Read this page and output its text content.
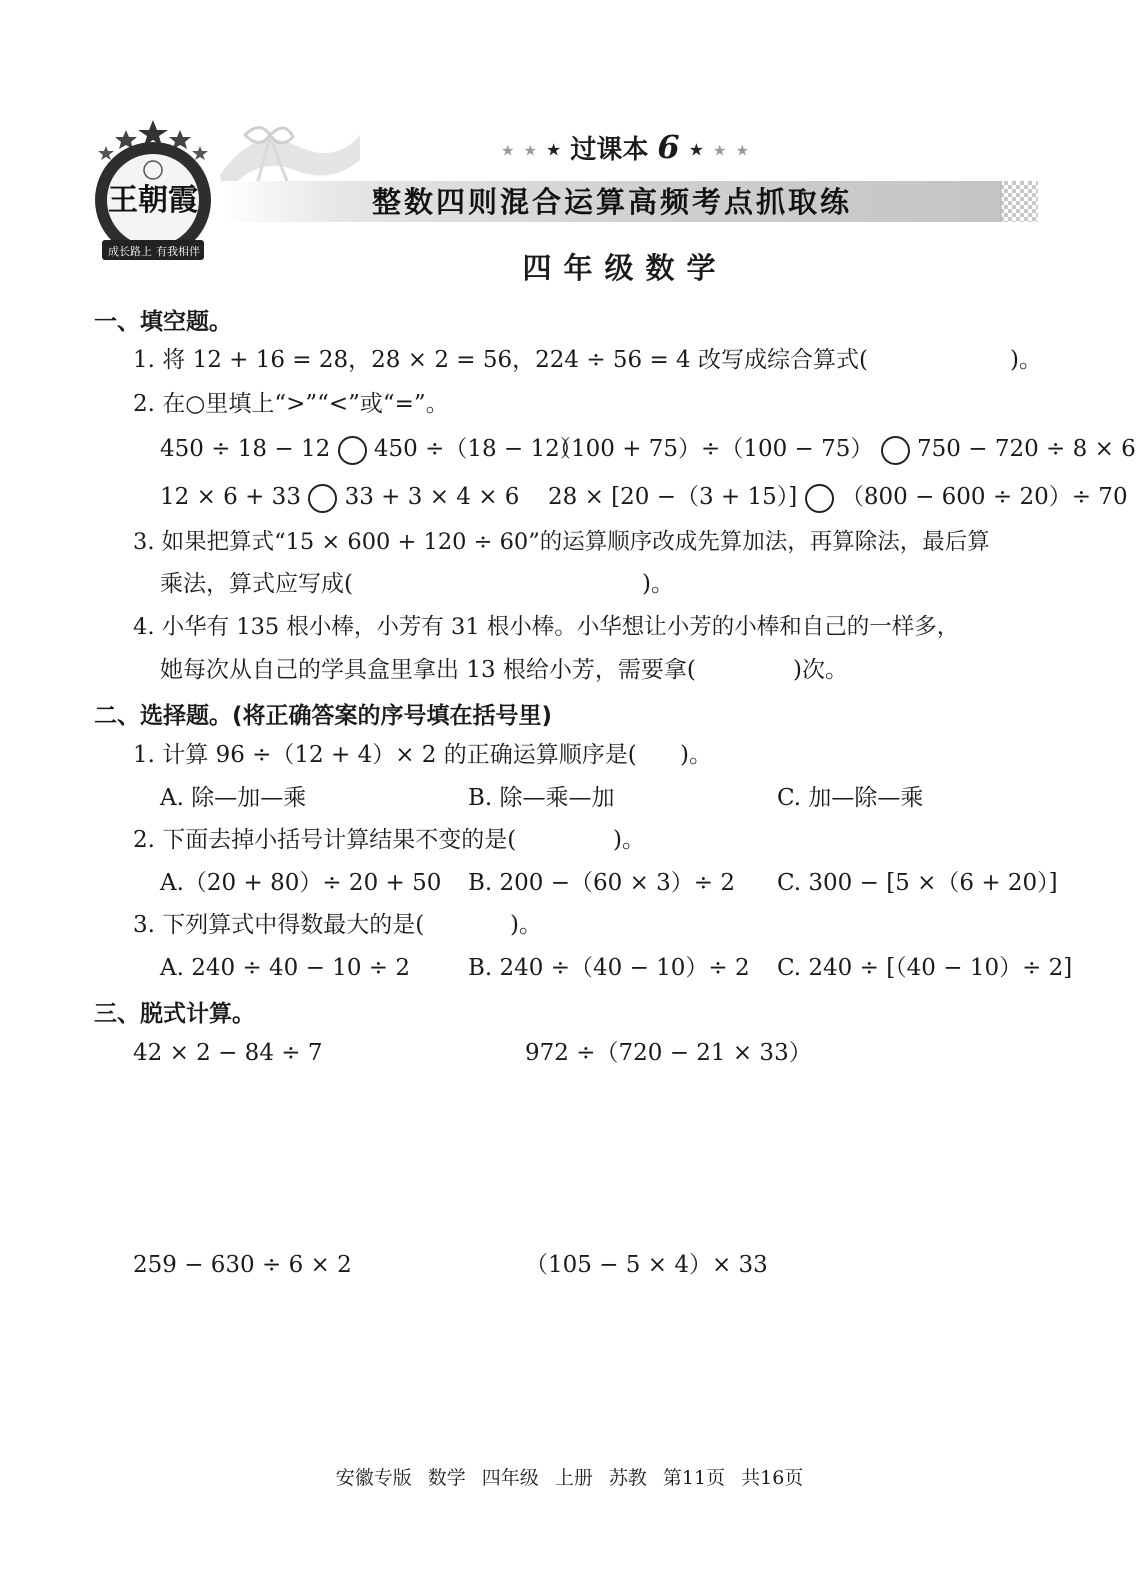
王朝霞
成长路上 有我相伴
★ ★ ★ 过课本 6 ★ ★ ★
整数四则混合运算高频考点抓取练
四年级数学
一、填空题。
1. 将 12 + 16 = 28，28 × 2 = 56，224 ÷ 56 = 4 改写成综合算式(	)。
2. 在○里填上“>”“<”或“=”。
450 ÷ 18 − 12 450 ÷（18 − 12）
（100 + 75）÷（100 − 75） 750 − 720 ÷ 8 × 6
12 × 6 + 33 33 + 3 × 4 × 6 28 × [20 −（3 + 15）] （800 − 600 ÷ 20）÷ 70
3. 如果把算式“15 × 600 + 120 ÷ 60”的运算顺序改成先算加法，再算除法，最后算
乘法，算式应写成(	)。
4. 小华有 135 根小棒，小芳有 31 根小棒。小华想让小芳的小棒和自己的一样多，
她每次从自己的学具盒里拿出 13 根给小芳，需要拿(	)次。
二、选择题。(将正确答案的序号填在括号里)
1. 计算 96 ÷（12 + 4）× 2 的正确运算顺序是( )。
A. 除—加—乘	B. 除—乘—加	C. 加—除—乘
2. 下面去掉小括号计算结果不变的是(	)。
A.（20 + 80）÷ 20 + 50 B. 200 −（60 × 3）÷ 2 C. 300 − [5 ×（6 + 20）]
3. 下列算式中得数最大的是(	)。
A. 240 ÷ 40 − 10 ÷ 2	B. 240 ÷（40 − 10）÷ 2 C. 240 ÷ [（40 − 10）÷ 2]
三、脱式计算。
42 × 2 − 84 ÷ 7	972 ÷（720 − 21 × 33）
259 − 630 ÷ 6 × 2	（105 − 5 × 4）× 33
安徽专版 数学 四年级 上册 苏教 第11页 共16页
